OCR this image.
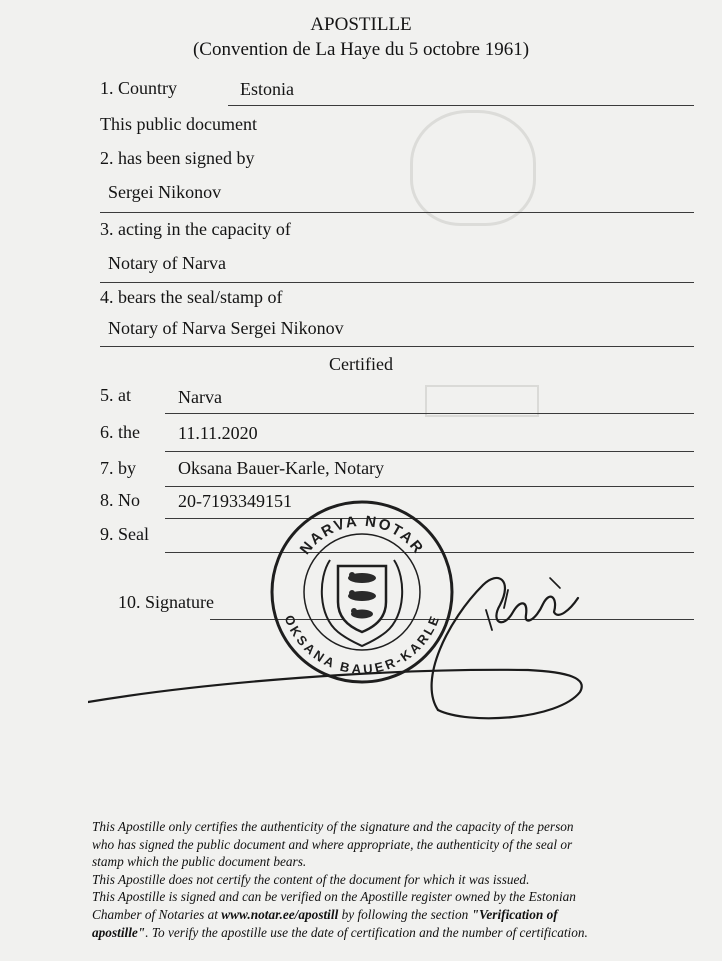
APOSTILLE
(Convention de La Haye du 5 octobre 1961)
1. Country	Estonia
This public document
2. has been signed by
Sergei Nikonov
3. acting in the capacity of
Notary of Narva
4. bears the seal/stamp of
Notary of Narva Sergei Nikonov
Certified
5. at	Narva
6. the 11.11.2020
7. by Oksana Bauer-Karle, Notary
8. No 20-7193349151
9. Seal
10. Signature
NARVA NOTAR
OKSANA BAUER-KARLE

This Apostille only certifies the authenticity of the signature and the capacity of the person

who has signed the public document and where appropriate, the authenticity of the seal or

stamp which the public document bears.

This Apostille does not certify the content of the document for which it was issued.

This Apostille is signed and can be verified on the Apostille register owned by the Estonian

Chamber of Notaries at www.notar.ee/apostill by following the section "Verification of

apostille". To verify the apostille use the date of certification and the number of certification.
